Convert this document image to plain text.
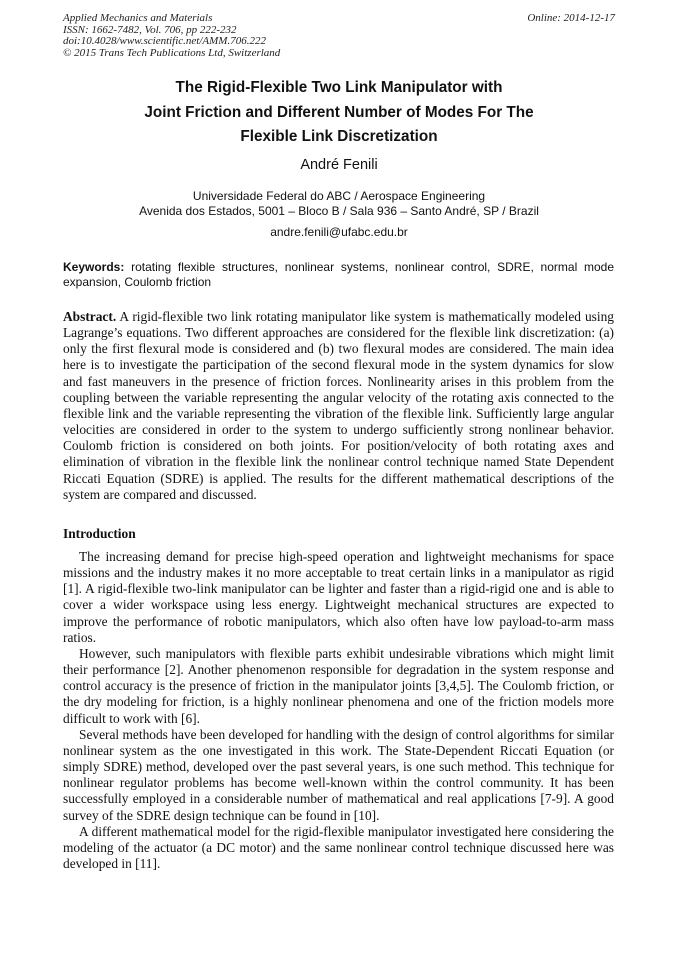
Applied Mechanics and Materials
ISSN: 1662-7482, Vol. 706, pp 222-232
doi:10.4028/www.scientific.net/AMM.706.222
© 2015 Trans Tech Publications Ltd, Switzerland
Online: 2014-12-17
The Rigid-Flexible Two Link Manipulator with
Joint Friction and Different Number of Modes For The
Flexible Link Discretization
André Fenili
Universidade Federal do ABC / Aerospace Engineering
Avenida dos Estados, 5001 – Bloco B / Sala 936 – Santo André, SP / Brazil
andre.fenili@ufabc.edu.br
Keywords: rotating flexible structures, nonlinear systems, nonlinear control, SDRE, normal mode expansion, Coulomb friction
Abstract. A rigid-flexible two link rotating manipulator like system is mathematically modeled using Lagrange’s equations. Two different approaches are considered for the flexible link discretization: (a) only the first flexural mode is considered and (b) two flexural modes are considered. The main idea here is to investigate the participation of the second flexural mode in the system dynamics for slow and fast maneuvers in the presence of friction forces. Nonlinearity arises in this problem from the coupling between the variable representing the angular velocity of the rotating axis connected to the flexible link and the variable representing the vibration of the flexible link. Sufficiently large angular velocities are considered in order to the system to undergo sufficiently strong nonlinear behavior. Coulomb friction is considered on both joints. For position/velocity of both rotating axes and elimination of vibration in the flexible link the nonlinear control technique named State Dependent Riccati Equation (SDRE) is applied. The results for the different mathematical descriptions of the system are compared and discussed.
Introduction

The increasing demand for precise high-speed operation and lightweight mechanisms for space missions and the industry makes it no more acceptable to treat certain links in a manipulator as rigid [1]. A rigid-flexible two-link manipulator can be lighter and faster than a rigid-rigid one and is able to cover a wider workspace using less energy. Lightweight mechanical structures are expected to improve the performance of robotic manipulators, which also often have low payload-to-arm mass ratios.

However, such manipulators with flexible parts exhibit undesirable vibrations which might limit their performance [2]. Another phenomenon responsible for degradation in the system response and control accuracy is the presence of friction in the manipulator joints [3,4,5]. The Coulomb friction, or the dry modeling for friction, is a highly nonlinear phenomena and one of the friction models more difficult to work with [6].

Several methods have been developed for handling with the design of control algorithms for similar nonlinear system as the one investigated in this work. The State-Dependent Riccati Equation (or simply SDRE) method, developed over the past several years, is one such method. This technique for nonlinear regulator problems has become well-known within the control community. It has been successfully employed in a considerable number of mathematical and real applications [7-9]. A good survey of the SDRE design technique can be found in [10].

A different mathematical model for the rigid-flexible manipulator investigated here considering the modeling of the actuator (a DC motor) and the same nonlinear control technique discussed here was developed in [11].
